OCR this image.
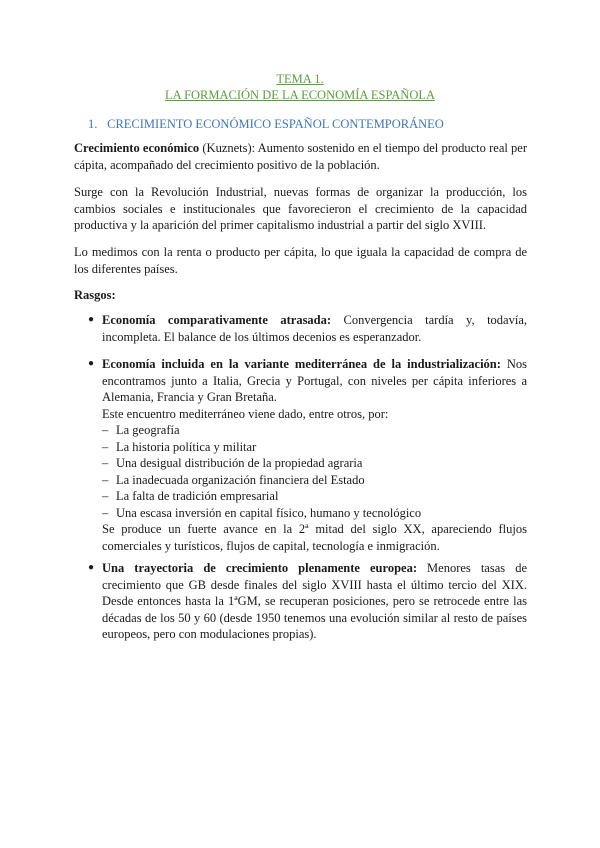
TEMA 1.
LA FORMACIÓN DE LA ECONOMÍA ESPAÑOLA
1. CRECIMIENTO ECONÓMICO ESPAÑOL CONTEMPORÁNEO
Crecimiento económico (Kuznets): Aumento sostenido en el tiempo del producto real per cápita, acompañado del crecimiento positivo de la población.
Surge con la Revolución Industrial, nuevas formas de organizar la producción, los cambios sociales e institucionales que favorecieron el crecimiento de la capacidad productiva y la aparición del primer capitalismo industrial a partir del siglo XVIII.
Lo medimos con la renta o producto per cápita, lo que iguala la capacidad de compra de los diferentes países.
Rasgos:
● Economía comparativamente atrasada: Convergencia tardía y, todavía, incompleta. El balance de los últimos decenios es esperanzador.
● Economía incluida en la variante mediterránea de la industrialización: Nos encontramos junto a Italia, Grecia y Portugal, con niveles per cápita inferiores a Alemania, Francia y Gran Bretaña.
Este encuentro mediterráneo viene dado, entre otros, por:
– La geografía
– La historia política y militar
– Una desigual distribución de la propiedad agraria
– La inadecuada organización financiera del Estado
– La falta de tradición empresarial
– Una escasa inversión en capital físico, humano y tecnológico
Se produce un fuerte avance en la 2ª mitad del siglo XX, apareciendo flujos comerciales y turísticos, flujos de capital, tecnología e inmigración.
● Una trayectoria de crecimiento plenamente europea: Menores tasas de crecimiento que GB desde finales del siglo XVIII hasta el último tercio del XIX. Desde entonces hasta la 1ªGM, se recuperan posiciones, pero se retrocede entre las décadas de los 50 y 60 (desde 1950 tenemos una evolución similar al resto de países europeos, pero con modulaciones propias).
